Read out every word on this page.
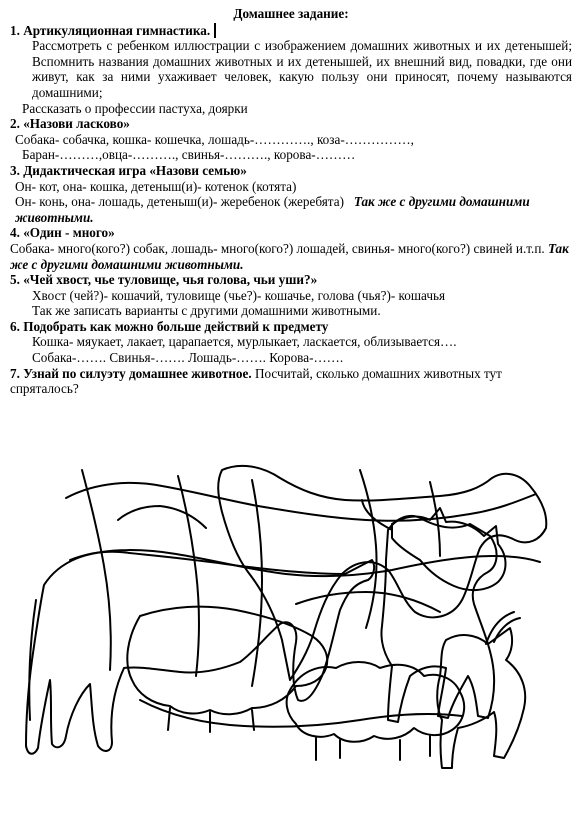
Домашнее задание:
1. Артикуляционная гимнастика.
Рассмотреть с ребенком иллюстрации с изображением домашних животных и их детенышей; Вспомнить названия домашних животных и их детенышей, их внешний вид, повадки, где они живут, как за ними ухаживает человек, какую пользу они приносят, почему называются домашними;
Рассказать о профессии пастуха, доярки
2. «Назови ласково»
Собака- собачка, кошка- кошечка, лошадь-…………., коза-……………,
Баран-………,овца-………., свинья-………., корова-………
3. Дидактическая игра «Назови семью»
Он- кот, она- кошка, детеныш(и)- котенок (котята)
Он- конь, она- лошадь, детеныш(и)- жеребенок (жеребята) Так же с другими домашними животными.
4. «Один - много»
Собака- много(кого?) собак, лошадь- много(кого?) лошадей, свинья- много(кого?) свиней и.т.п. Так же с другими домашними животными.
5. «Чей хвост, чье туловище, чья голова, чьи уши?»
Хвост (чей?)- кошачий, туловище (чье?)- кошачье, голова (чья?)- кошачья
Так же записать варианты с другими домашними животными.
6. Подобрать как можно больше действий к предмету
Кошка- мяукает, лакает, царапается, мурлыкает, ласкается, облизывается….
Собака-……. Свинья-……. Лошадь-……. Корова-…….
7. Узнай по силуэту домашнее животное. Посчитай, сколько домашних животных тут спряталось?
